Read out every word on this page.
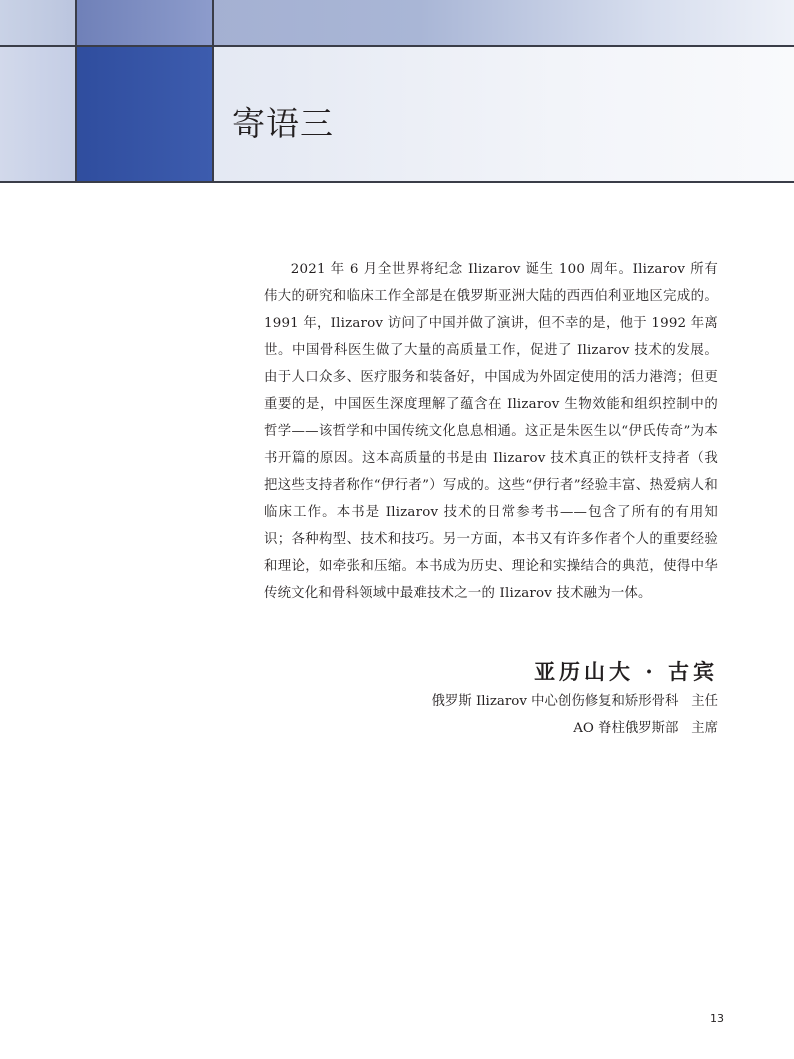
寄语三

2021 年 6 月全世界将纪念 Ilizarov 诞生 100 周年。Ilizarov 所有伟大的研究和临床工作全部是在俄罗斯亚洲大陆的西西伯利亚地区完成的。1991 年，Ilizarov 访问了中国并做了演讲，但不幸的是，他于 1992 年离世。中国骨科医生做了大量的高质量工作，促进了 Ilizarov 技术的发展。由于人口众多、医疗服务和装备好，中国成为外固定使用的活力港湾；但更重要的是，中国医生深度理解了蕴含在 Ilizarov 生物效能和组织控制中的哲学——该哲学和中国传统文化息息相通。这正是朱医生以“伊氏传奇”为本书开篇的原因。这本高质量的书是由 Ilizarov 技术真正的铁杆支持者（我把这些支持者称作“伊行者”）写成的。这些“伊行者”经验丰富、热爱病人和临床工作。本书是 Ilizarov 技术的日常参考书——包含了所有的有用知识；各种构型、技术和技巧。另一方面，本书又有许多作者个人的重要经验和理论，如牵张和压缩。本书成为历史、理论和实操结合的典范，使得中华传统文化和骨科领域中最难技术之一的 Ilizarov 技术融为一体。

亚历山大 · 古宾

俄罗斯 Ilizarov 中心创伤修复和矫形骨科   主任

AO 脊柱俄罗斯部   主席

13
